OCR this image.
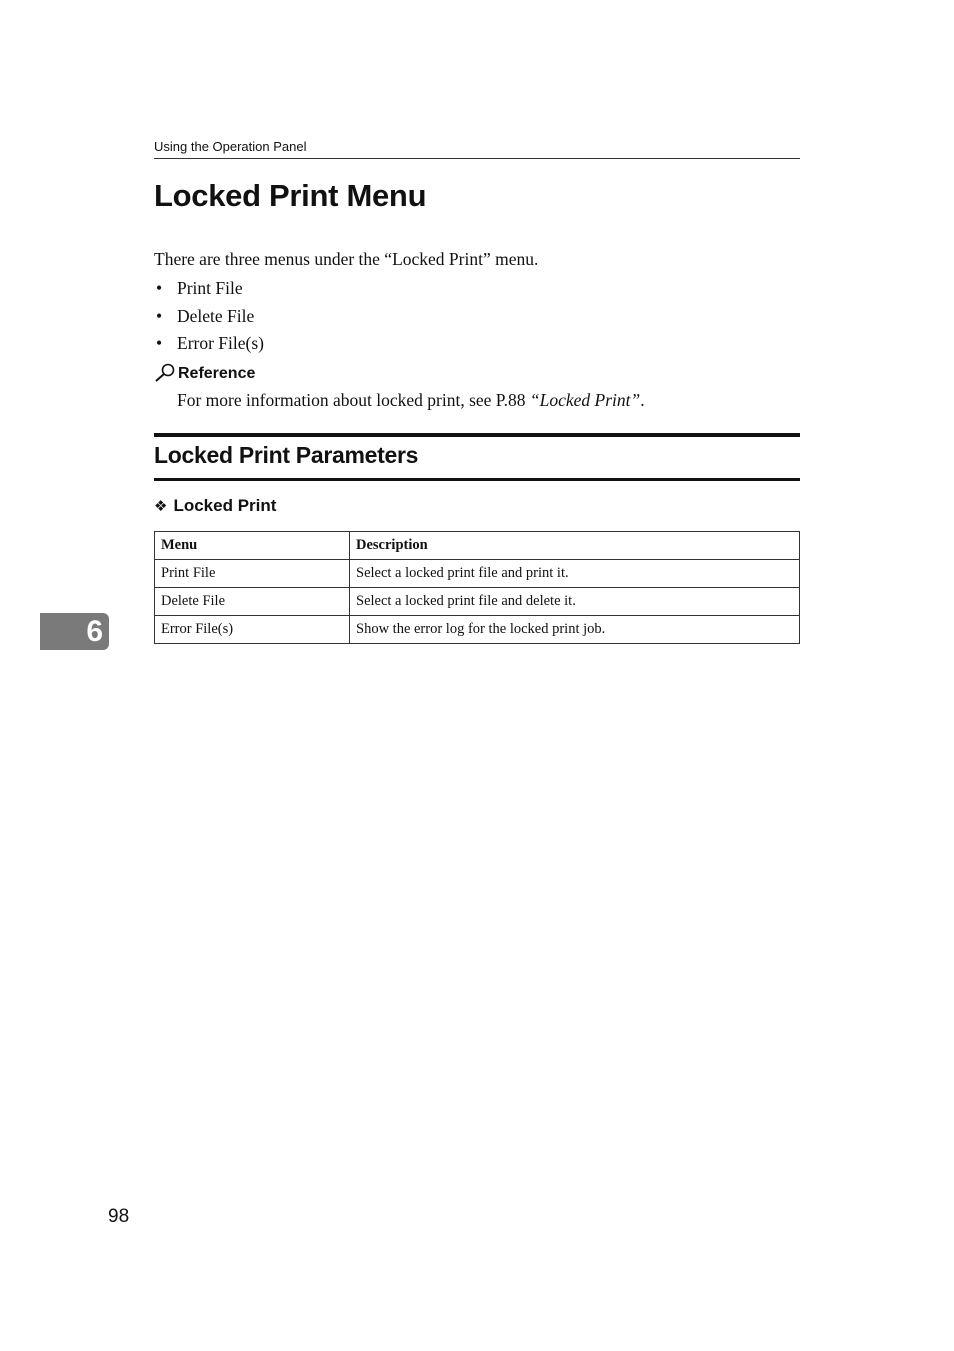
Using the Operation Panel
Locked Print Menu

There are three menus under the “Locked Print” menu.

• Print File
• Delete File
• Error File(s)
Reference

For more information about locked print, see P.88 “Locked Print”.

Locked Print Parameters
❖ Locked Print
Menu	Description
Print File	Select a locked print file and print it.
Delete File	Select a locked print file and delete it.
Error File(s)	Show the error log for the locked print job.
6
98
